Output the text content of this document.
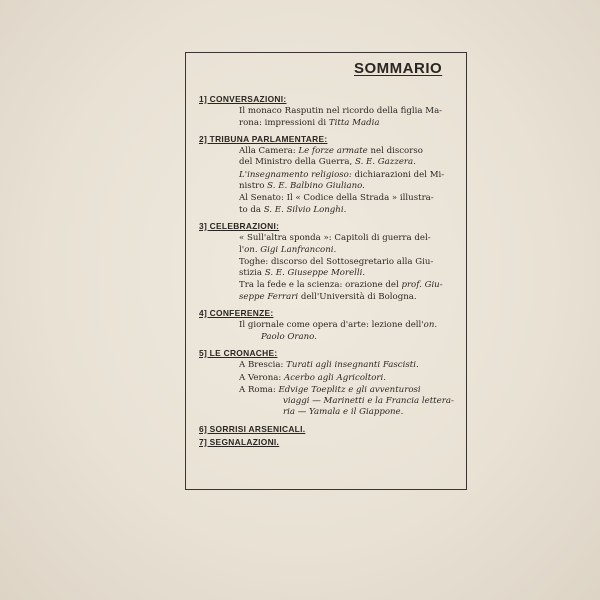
SOMMARIO
1] CONVERSAZIONI:
Il monaco Rasputin nel ricordo della figlia Ma-
rona: impressioni di Titta Madia
2] TRIBUNA PARLAMENTARE:
Alla Camera: Le forze armate nel discorso
del Ministro della Guerra, S. E. Gazzera.
L'insegnamento religioso: dichiarazioni del Mi-
nistro S. E. Balbino Giuliano.
Al Senato: Il « Codice della Strada » illustra-
to da S. E. Silvio Longhi.
3] CELEBRAZIONI:
« Sull'altra sponda »: Capitoli di guerra del-
l'on. Gigi Lanfranconi.
Toghe: discorso del Sottosegretario alla Giu-
stizia S. E. Giuseppe Morelli.
Tra la fede e la scienza: orazione del prof. Giu-
seppe Ferrari dell'Università di Bologna.
4] CONFERENZE:
Il giornale come opera d'arte: lezione dell'on.
Paolo Orano.
5] LE CRONACHE:
A Brescia: Turati agli insegnanti Fascisti.
A Verona: Acerbo agli Agricoltori.
A Roma: Edvige Toeplitz e gli avventurosi
viaggi — Marinetti e la Francia lettera-
ria — Yamala e il Giappone.
6] SORRISI ARSENICALI.
7] SEGNALAZIONI.
